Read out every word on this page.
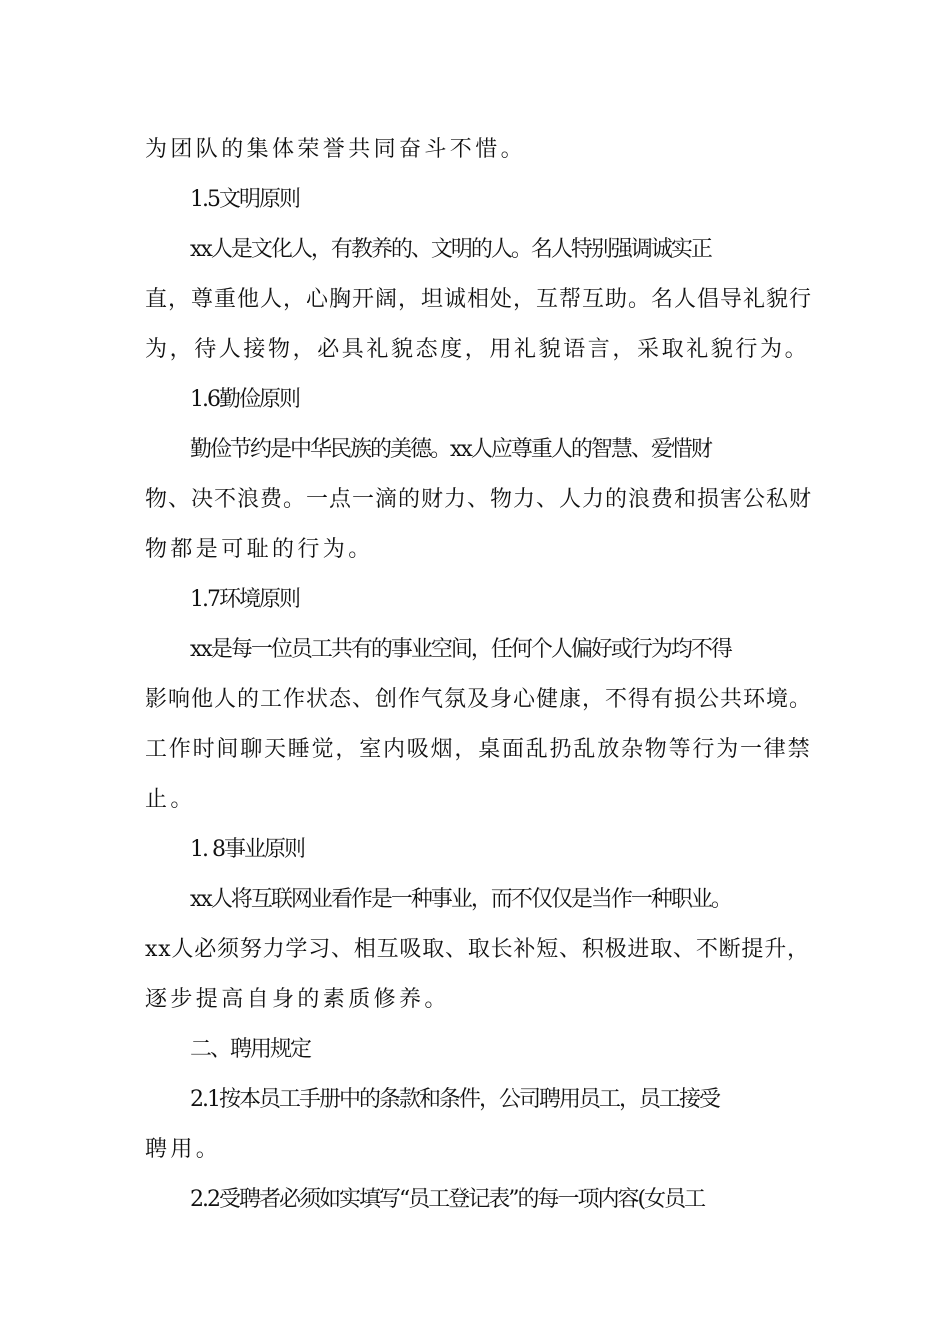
为团队的集体荣誉共同奋斗不惜。
1.5文明原则
xx人是文化人，有教养的、文明的人。名人特别强调诚实正
直，尊重他人，心胸开阔，坦诚相处，互帮互助。名人倡导礼貌行
为，待人接物，必具礼貌态度，用礼貌语言，采取礼貌行为。
1.6勤俭原则
勤俭节约是中华民族的美德。xx人应尊重人的智慧、爱惜财
物、决不浪费。一点一滴的财力、物力、人力的浪费和损害公私财
物都是可耻的行为。
1.7环境原则
xx是每一位员工共有的事业空间，任何个人偏好或行为均不得
影响他人的工作状态、创作气氛及身心健康，不得有损公共环境。
工作时间聊天睡觉，室内吸烟，桌面乱扔乱放杂物等行为一律禁
止。
1. 8事业原则
xx人将互联网业看作是一种事业，而不仅仅是当作一种职业。
xx人必须努力学习、相互吸取、取长补短、积极进取、不断提升，
逐步提高自身的素质修养。
二、聘用规定
2.1按本员工手册中的条款和条件，公司聘用员工，员工接受
聘用。
2.2受聘者必须如实填写“员工登记表”的每一项内容(女员工
